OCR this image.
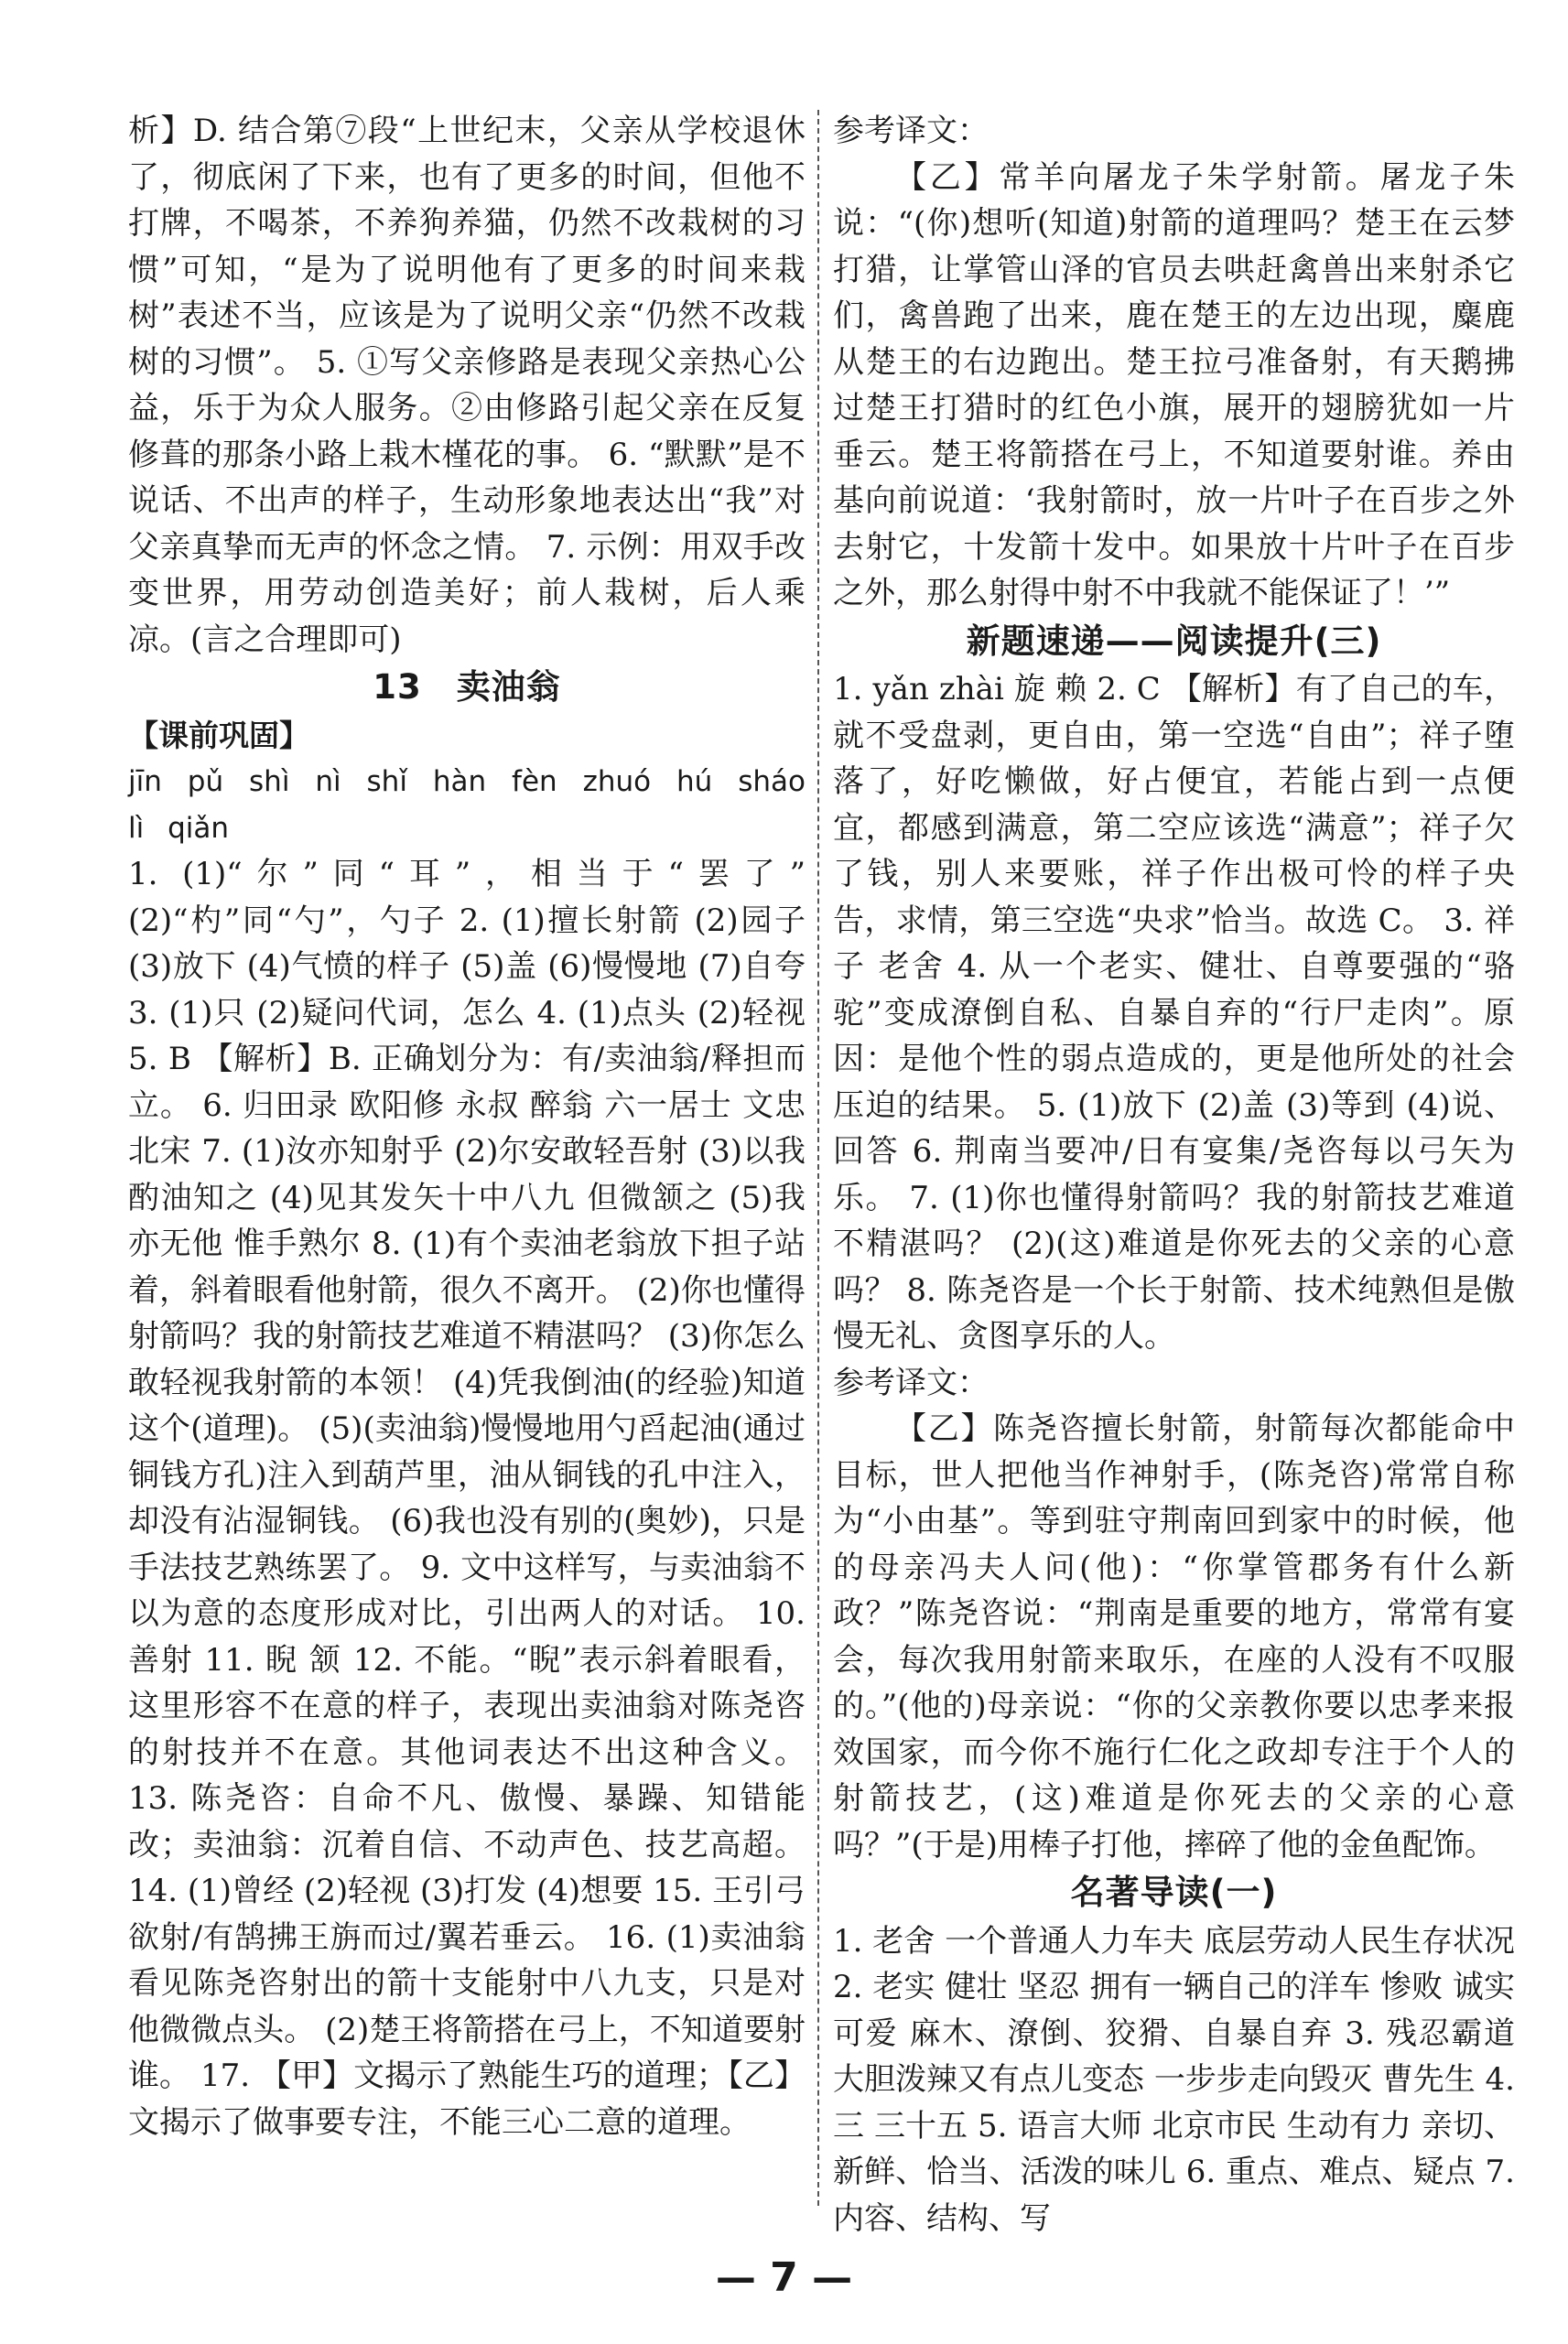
析】D. 结合第⑦段“上世纪末，父亲从学校退休了，彻底闲了下来，也有了更多的时间，但他不打牌，不喝茶，不养狗养猫，仍然不改栽树的习惯”可知，“是为了说明他有了更多的时间来栽树”表述不当，应该是为了说明父亲“仍然不改栽树的习惯”。 5. ①写父亲修路是表现父亲热心公益，乐于为众人服务。②由修路引起父亲在反复修葺的那条小路上栽木槿花的事。 6. “默默”是不说话、不出声的样子，生动形象地表达出“我”对父亲真挚而无声的怀念之情。 7. 示例：用双手改变世界，用劳动创造美好；前人栽树，后人乘凉。(言之合理即可)

13　卖油翁

【课前巩固】

jīn pǔ shì nì shǐ hàn fèn zhuó hú sháo lì qiǎn

1. (1)“尔”同“耳”，相当于“罢了” (2)“杓”同“勺”，勺子 2. (1)擅长射箭 (2)园子 (3)放下 (4)气愤的样子 (5)盖 (6)慢慢地 (7)自夸 3. (1)只 (2)疑问代词，怎么 4. (1)点头 (2)轻视 5. B 【解析】B. 正确划分为：有/卖油翁/释担而立。 6. 归田录 欧阳修 永叔 醉翁 六一居士 文忠 北宋 7. (1)汝亦知射乎 (2)尔安敢轻吾射 (3)以我酌油知之 (4)见其发矢十中八九 但微颔之 (5)我亦无他 惟手熟尔 8. (1)有个卖油老翁放下担子站着，斜着眼看他射箭，很久不离开。 (2)你也懂得射箭吗？我的射箭技艺难道不精湛吗？ (3)你怎么敢轻视我射箭的本领！ (4)凭我倒油(的经验)知道这个(道理)。 (5)(卖油翁)慢慢地用勺舀起油(通过铜钱方孔)注入到葫芦里，油从铜钱的孔中注入，却没有沾湿铜钱。 (6)我也没有别的(奥妙)，只是手法技艺熟练罢了。 9. 文中这样写，与卖油翁不以为意的态度形成对比，引出两人的对话。 10. 善射 11. 睨 颔 12. 不能。“睨”表示斜着眼看，这里形容不在意的样子，表现出卖油翁对陈尧咨的射技并不在意。其他词表达不出这种含义。 13. 陈尧咨：自命不凡、傲慢、暴躁、知错能改；卖油翁：沉着自信、不动声色、技艺高超。 14. (1)曾经 (2)轻视 (3)打发 (4)想要 15. 王引弓欲射/有鹄拂王旃而过/翼若垂云。 16. (1)卖油翁看见陈尧咨射出的箭十支能射中八九支，只是对他微微点头。 (2)楚王将箭搭在弓上，不知道要射谁。 17. 【甲】文揭示了熟能生巧的道理；【乙】文揭示了做事要专注，不能三心二意的道理。

参考译文：

【乙】常羊向屠龙子朱学射箭。屠龙子朱说：“(你)想听(知道)射箭的道理吗？楚王在云梦打猎，让掌管山泽的官员去哄赶禽兽出来射杀它们，禽兽跑了出来，鹿在楚王的左边出现，麋鹿从楚王的右边跑出。楚王拉弓准备射，有天鹅拂过楚王打猎时的红色小旗，展开的翅膀犹如一片垂云。楚王将箭搭在弓上，不知道要射谁。养由基向前说道：‘我射箭时，放一片叶子在百步之外去射它，十发箭十发中。如果放十片叶子在百步之外，那么射得中射不中我就不能保证了！’”

新题速递——阅读提升(三)

1. yǎn zhài 旋 赖 2. C 【解析】有了自己的车，就不受盘剥，更自由，第一空选“自由”；祥子堕落了，好吃懒做，好占便宜，若能占到一点便宜，都感到满意，第二空应该选“满意”；祥子欠了钱，别人来要账，祥子作出极可怜的样子央告，求情，第三空选“央求”恰当。故选 C。 3. 祥子 老舍 4. 从一个老实、健壮、自尊要强的“骆驼”变成潦倒自私、自暴自弃的“行尸走肉”。原因：是他个性的弱点造成的，更是他所处的社会压迫的结果。 5. (1)放下 (2)盖 (3)等到 (4)说、回答 6. 荆南当要冲/日有宴集/尧咨每以弓矢为乐。 7. (1)你也懂得射箭吗？我的射箭技艺难道不精湛吗？ (2)(这)难道是你死去的父亲的心意吗？ 8. 陈尧咨是一个长于射箭、技术纯熟但是傲慢无礼、贪图享乐的人。

参考译文：

【乙】陈尧咨擅长射箭，射箭每次都能命中目标，世人把他当作神射手，(陈尧咨)常常自称为“小由基”。等到驻守荆南回到家中的时候，他的母亲冯夫人问(他)：“你掌管郡务有什么新政？”陈尧咨说：“荆南是重要的地方，常常有宴会，每次我用射箭来取乐，在座的人没有不叹服的。”(他的)母亲说：“你的父亲教你要以忠孝来报效国家，而今你不施行仁化之政却专注于个人的射箭技艺，(这)难道是你死去的父亲的心意吗？”(于是)用棒子打他，摔碎了他的金鱼配饰。

名著导读(一)

1. 老舍 一个普通人力车夫 底层劳动人民生存状况 2. 老实 健壮 坚忍 拥有一辆自己的洋车 惨败 诚实可爱 麻木、潦倒、狡猾、自暴自弃 3. 残忍霸道 大胆泼辣又有点儿变态 一步步走向毁灭 曹先生 4. 三 三十五 5. 语言大师 北京市民 生动有力 亲切、新鲜、恰当、活泼的味儿 6. 重点、难点、疑点 7. 内容、结构、写

— 7 —
